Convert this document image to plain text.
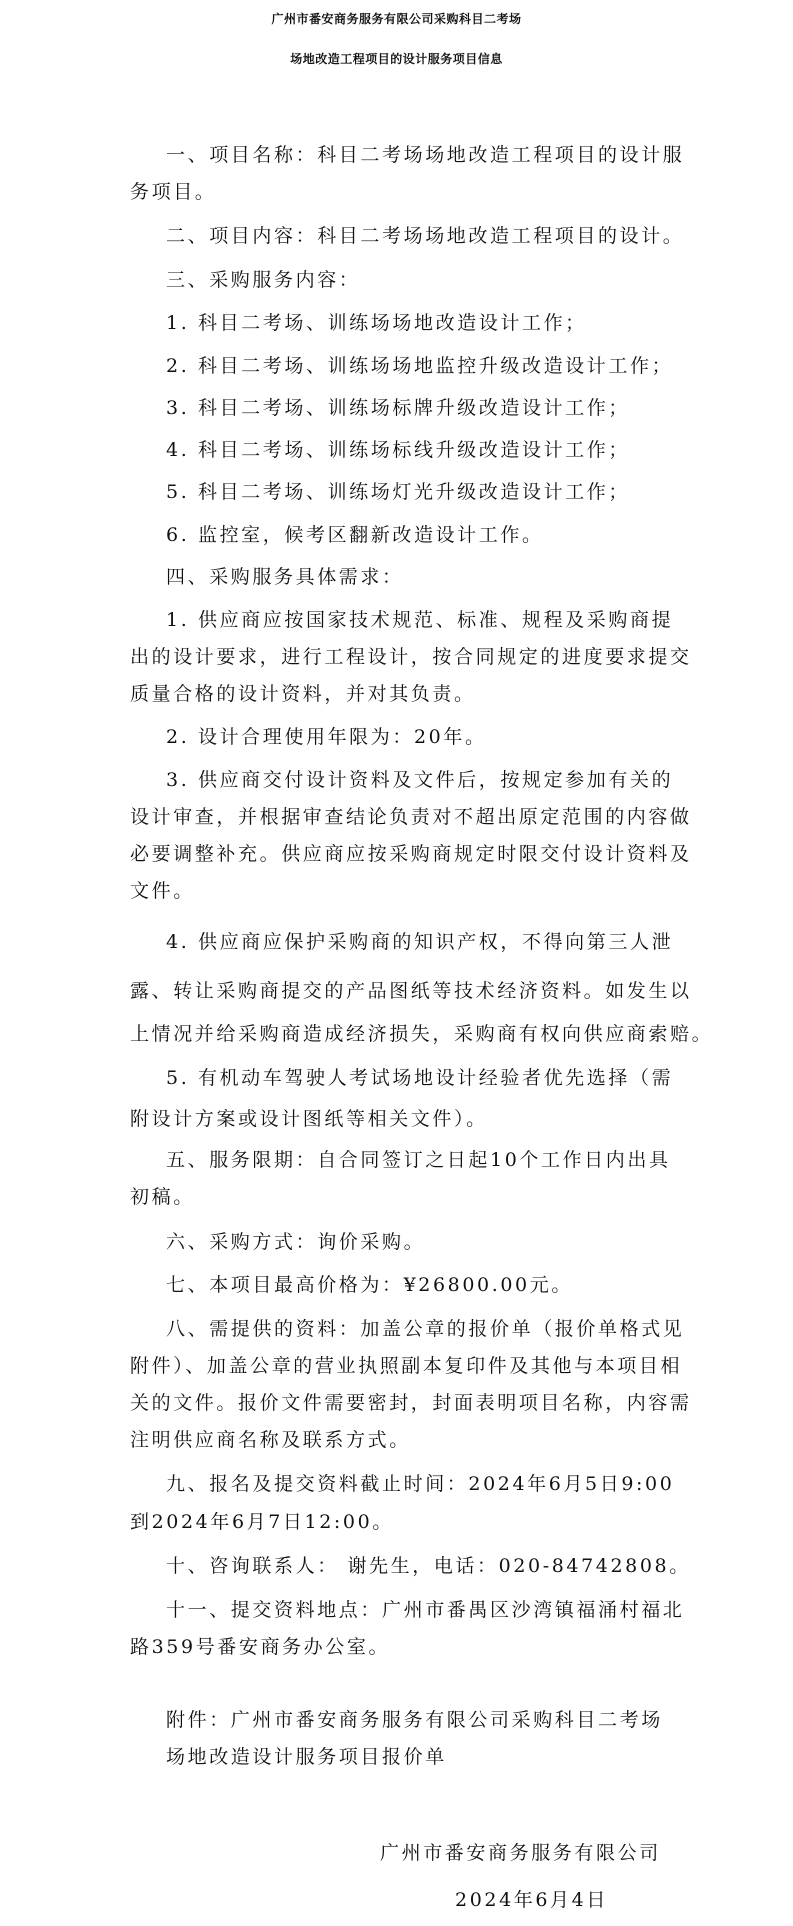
广州市番安商务服务有限公司采购科目二考场
场地改造工程项目的设计服务项目信息
一、项目名称：科目二考场场地改造工程项目的设计服
务项目。
二、项目内容：科目二考场场地改造工程项目的设计。
三、采购服务内容：
1. 科目二考场、训练场场地改造设计工作；
2. 科目二考场、训练场场地监控升级改造设计工作；
3. 科目二考场、训练场标牌升级改造设计工作；
4. 科目二考场、训练场标线升级改造设计工作；
5. 科目二考场、训练场灯光升级改造设计工作；
6. 监控室，候考区翻新改造设计工作。
四、采购服务具体需求：
1. 供应商应按国家技术规范、标准、规程及采购商提
出的设计要求，进行工程设计，按合同规定的进度要求提交
质量合格的设计资料，并对其负责。
2. 设计合理使用年限为：20年。
3. 供应商交付设计资料及文件后，按规定参加有关的
设计审查，并根据审查结论负责对不超出原定范围的内容做
必要调整补充。供应商应按采购商规定时限交付设计资料及
文件。
4. 供应商应保护采购商的知识产权，不得向第三人泄
露、转让采购商提交的产品图纸等技术经济资料。如发生以
上情况并给采购商造成经济损失，采购商有权向供应商索赔。
5. 有机动车驾驶人考试场地设计经验者优先选择（需
附设计方案或设计图纸等相关文件）。
五、服务限期：自合同签订之日起10个工作日内出具
初稿。
六、采购方式：询价采购。
七、本项目最高价格为：¥26800.00元。
八、需提供的资料：加盖公章的报价单（报价单格式见
附件）、加盖公章的营业执照副本复印件及其他与本项目相
关的文件。报价文件需要密封，封面表明项目名称，内容需
注明供应商名称及联系方式。
九、报名及提交资料截止时间：2024年6月5日9:00
到2024年6月7日12:00。
十、咨询联系人： 谢先生，电话：020-84742808。
十一、提交资料地点：广州市番禺区沙湾镇福涌村福北
路359号番安商务办公室。
附件：广州市番安商务服务有限公司采购科目二考场
场地改造设计服务项目报价单
广州市番安商务服务有限公司
2024年6月4日
